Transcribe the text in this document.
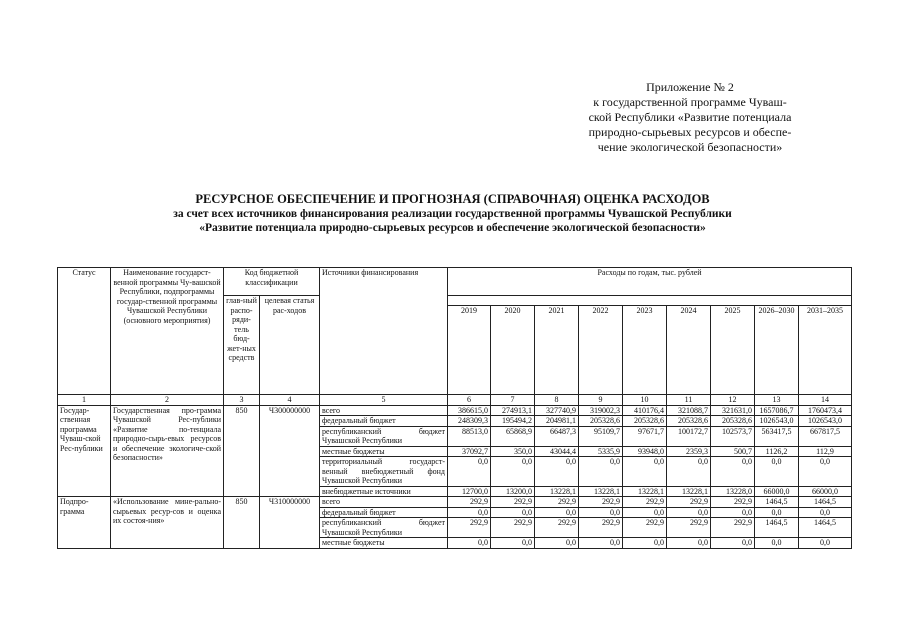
Приложение № 2
к государственной программе Чуваш-
ской Республики «Развитие потенциала
природно-сырьевых ресурсов и обеспе-
чение экологической безопасности»
РЕСУРСНОЕ ОБЕСПЕЧЕНИЕ И ПРОГНОЗНАЯ (СПРАВОЧНАЯ) ОЦЕНКА РАСХОДОВ
за счет всех источников финансирования реализации государственной программы Чувашской Республики
«Развитие потенциала природно-сырьевых ресурсов и обеспечение экологической безопасности»
Статус	Наименование государст-венной программы Чу-вашской Республики, подпрограммы государ-ственной программы Чувашской Республики (основного мероприятия)	Код бюджетной классификации		Источники финансирования	Расходы по годам, тыс. рублей								
		глав-ный распо-ряди-тель бюд-жет-ных средств	целевая статья рас-ходов										
					2019	2020	2021	2022	2023	2024	2025	2026–2030	2031–2035
1	2	3	4	5	6	7	8	9	10	11	12	13	14
Государ-ственная программа Чуваш-ской Рес-публики	Государственная про-грамма Чувашской Рес-публики «Развитие по-тенциала природно-сырь-евых ресурсов и обеспечение экологиче-ской безопасности»	850	Ч300000000	всего	386615,0	274913,1	327740,9	319002,3	410176,4	321088,7	321631,0	1657086,7	1760473,4
				федеральный бюджет	248309,3	195494,2	204981,1	205328,6	205328,6	205328,6	205328,6	1026543,0	1026543,0
				республиканский бюджет Чувашской Республики	88513,0	65868,9	66487,3	95109,7	97671,7	100172,7	102573,7	563417,5	667817,5
				местные бюджеты	37092,7	350,0	43044,4	5335,9	93948,0	2359,3	500,7	1126,2	112,9
				территориальный государст-венный внебюджетный фонд Чувашской Республики	0,0	0,0	0,0	0,0	0,0	0,0	0,0	0,0	0,0
				внебюджетные источники	12700,0	13200,0	13228,1	13228,1	13228,1	13228,1	13228,0	66000,0	66000,0
Подпро-грамма	«Использование мине-рально-сырьевых ресур-сов и оценка их состоя-ния»	850	Ч310000000	всего	292,9	292,9	292,9	292,9	292,9	292,9	292,9	1464,5	1464,5
				федеральный бюджет	0,0	0,0	0,0	0,0	0,0	0,0	0,0	0,0	0,0
				республиканский бюджет Чувашской Республики	292,9	292,9	292,9	292,9	292,9	292,9	292,9	1464,5	1464,5
				местные бюджеты	0,0	0,0	0,0	0,0	0,0	0,0	0,0	0,0	0,0
